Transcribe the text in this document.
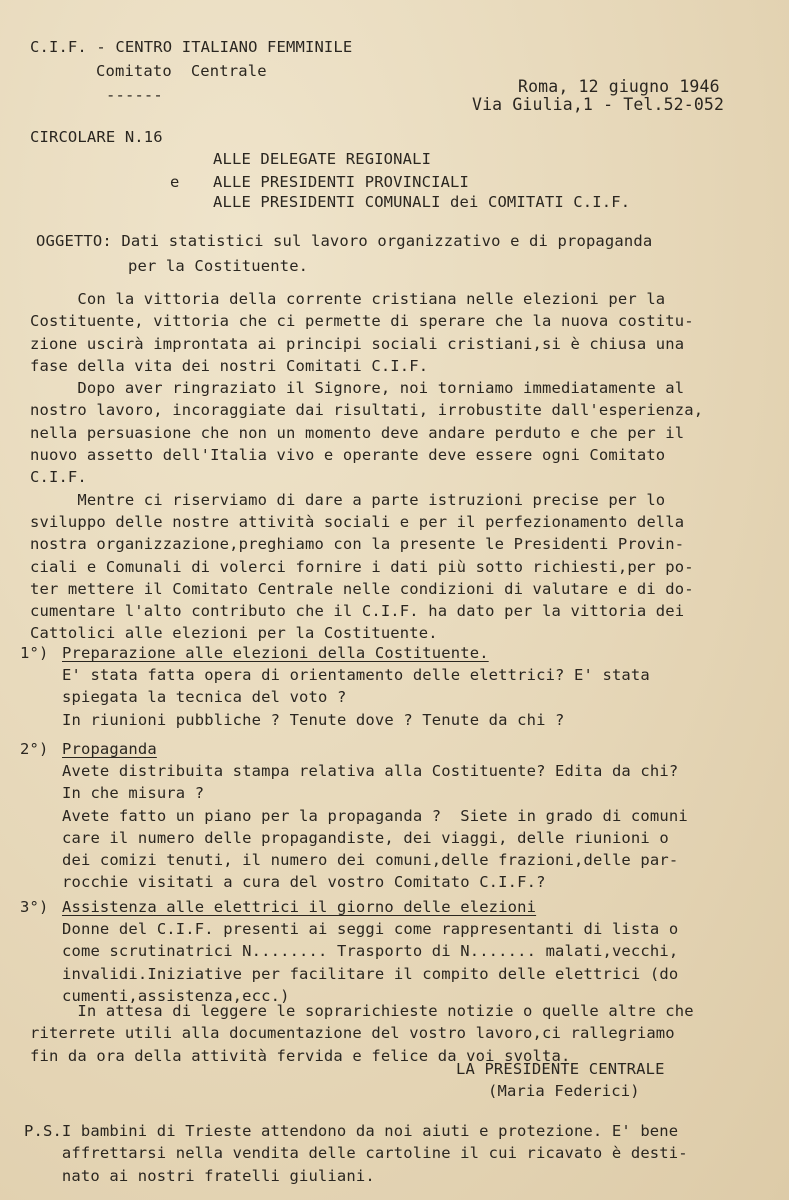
C.I.F. - CENTRO ITALIANO FEMMINILE
Comitato  Centrale
------	Roma, 12 giugno 1946
Via Giulia,1 - Tel.52-052
CIRCOLARE N.16
ALLE DELEGATE REGIONALI
e ALLE PRESIDENTI PROVINCIALI
ALLE PRESIDENTI COMUNALI dei COMITATI C.I.F.
OGGETTO: Dati statistici sul lavoro organizzativo e di propaganda
per la Costituente.
Con la vittoria della corrente cristiana nelle elezioni per la
Costituente, vittoria che ci permette di sperare che la nuova costitu-
zione uscirà improntata ai principi sociali cristiani,si è chiusa una
fase della vita dei nostri Comitati C.I.F.
Dopo aver ringraziato il Signore, noi torniamo immediatamente al
nostro lavoro, incoraggiate dai risultati, irrobustite dall'esperienza,
nella persuasione che non un momento deve andare perduto e che per il
nuovo assetto dell'Italia vivo e operante deve essere ogni Comitato
C.I.F.
Mentre ci riserviamo di dare a parte istruzioni precise per lo
sviluppo delle nostre attività sociali e per il perfezionamento della
nostra organizzazione,preghiamo con la presente le Presidenti Provin-
ciali e Comunali di volerci fornire i dati più sotto richiesti,per po-
ter mettere il Comitato Centrale nelle condizioni di valutare e di do-
cumentare l'alto contributo che il C.I.F. ha dato per la vittoria dei
Cattolici alle elezioni per la Costituente.
1°) Preparazione alle elezioni della Costituente.
E' stata fatta opera di orientamento delle elettrici? E' stata
spiegata la tecnica del voto ?
In riunioni pubbliche ? Tenute dove ? Tenute da chi ?
2°) Propaganda
Avete distribuita stampa relativa alla Costituente? Edita da chi?
In che misura ?
Avete fatto un piano per la propaganda ?  Siete in grado di comuni
care il numero delle propagandiste, dei viaggi, delle riunioni o
dei comizi tenuti, il numero dei comuni,delle frazioni,delle par-
rocchie visitati a cura del vostro Comitato C.I.F.?
3°) Assistenza alle elettrici il giorno delle elezioni
Donne del C.I.F. presenti ai seggi come rappresentanti di lista o
come scrutinatrici N........ Trasporto di N....... malati,vecchi,
invalidi.Iniziative per facilitare il compito delle elettrici (do
cumenti,assistenza,ecc.)
In attesa di leggere le soprarichieste notizie o quelle altre che
riterrete utili alla documentazione del vostro lavoro,ci rallegriamo
fin da ora della attività fervida e felice da voi svolta.
LA PRESIDENTE CENTRALE
(Maria Federici)
P.S.I bambini di Trieste attendono da noi aiuti e protezione. E' bene
affrettarsi nella vendita delle cartoline il cui ricavato è desti-
nato ai nostri fratelli giuliani.
